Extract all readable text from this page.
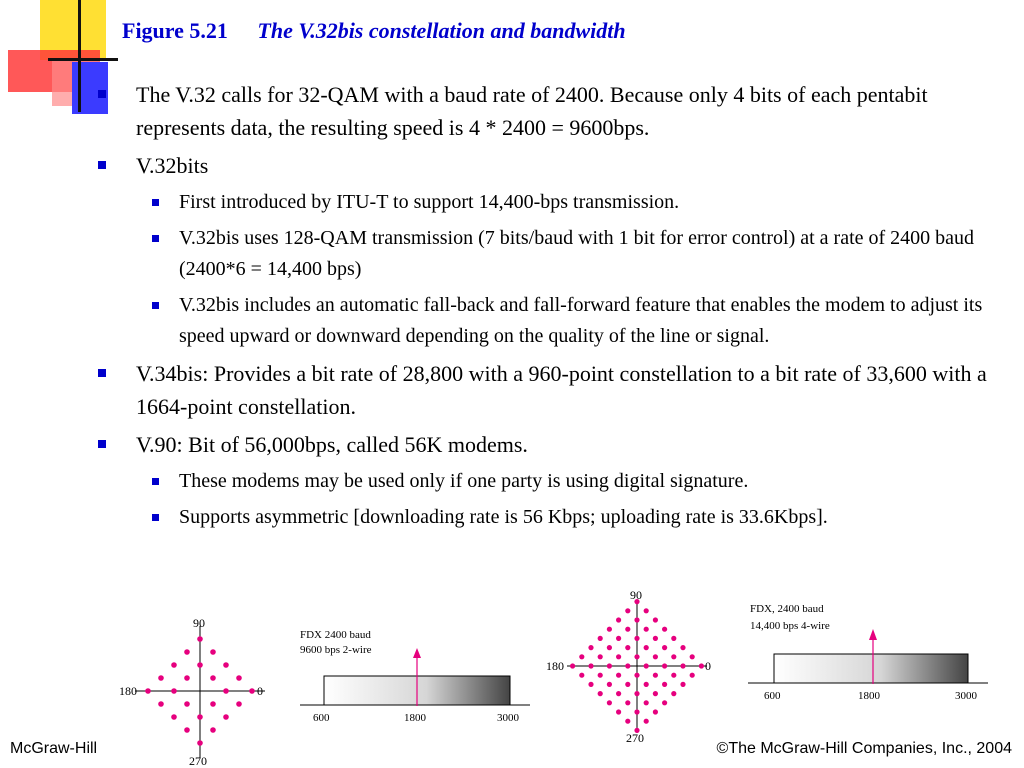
Figure 5.21 The V.32bis constellation and bandwidth
The V.32 calls for 32-QAM with a baud rate of 2400. Because only 4 bits of each pentabit represents data, the resulting speed is 4 * 2400 = 9600bps.
V.32bits
First introduced by ITU-T to support 14,400-bps transmission.
V.32bis uses 128-QAM transmission (7 bits/baud with 1 bit for error control) at a rate of 2400 baud (2400*6 = 14,400 bps)
V.32bis includes an automatic fall-back and fall-forward feature that enables the modem to adjust its speed upward or downward depending on the quality of the line or signal.
V.34bis: Provides a bit rate of 28,800 with a 960-point constellation to a bit rate of 33,600 with a 1664-point constellation.
V.90: Bit of 56,000bps, called 56K modems.
These modems may be used only if one party is using digital signature.
Supports asymmetric [downloading rate is 56 Kbps; uploading rate is 33.6Kbps].
90
0
180
270
FDX 2400 baud
9600 bps 2-wire
600	1800	3000
90
0
180
270
FDX, 2400 baud
14,400 bps 4-wire
600	1800	3000
McGraw-Hill	©The McGraw-Hill Companies, Inc., 2004
